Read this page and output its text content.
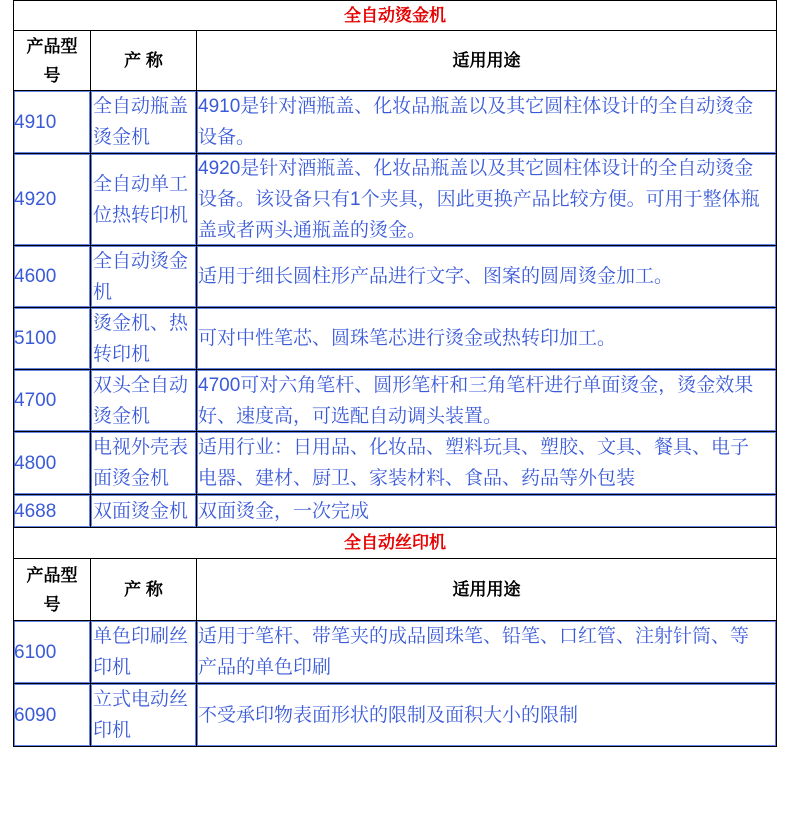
全自动烫金机
产品型号
产 称	适用用途
4910
全自动瓶盖烫金机
4910是针对酒瓶盖、化妆品瓶盖以及其它圆柱体设计的全自动烫金设备。
4920
全自动单工位热转印机
4920是针对酒瓶盖、化妆品瓶盖以及其它圆柱体设计的全自动烫金设备。该设备只有1个夹具，因此更换产品比较方便。可用于整体瓶盖或者两头通瓶盖的烫金。
4600
全自动烫金机
适用于细长圆柱形产品进行文字、图案的圆周烫金加工。
5100
烫金机、热转印机
可对中性笔芯、圆珠笔芯进行烫金或热转印加工。
4700
双头全自动烫金机
4700可对六角笔杆、圆形笔杆和三角笔杆进行单面烫金，烫金效果好、速度高，可选配自动调头装置。
4800
电视外壳表面烫金机
适用行业：日用品、化妆品、塑料玩具、塑胶、文具、餐具、电子电器、建材、厨卫、家装材料、食品、药品等外包装
4688 双面烫金机 双面烫金，一次完成
全自动丝印机
产品型号
产 称	适用用途
6100
单色印刷丝印机
适用于笔杆、带笔夹的成品圆珠笔、铅笔、口红管、注射针筒、等产品的单色印刷
6090
立式电动丝印机
不受承印物表面形状的限制及面积大小的限制
